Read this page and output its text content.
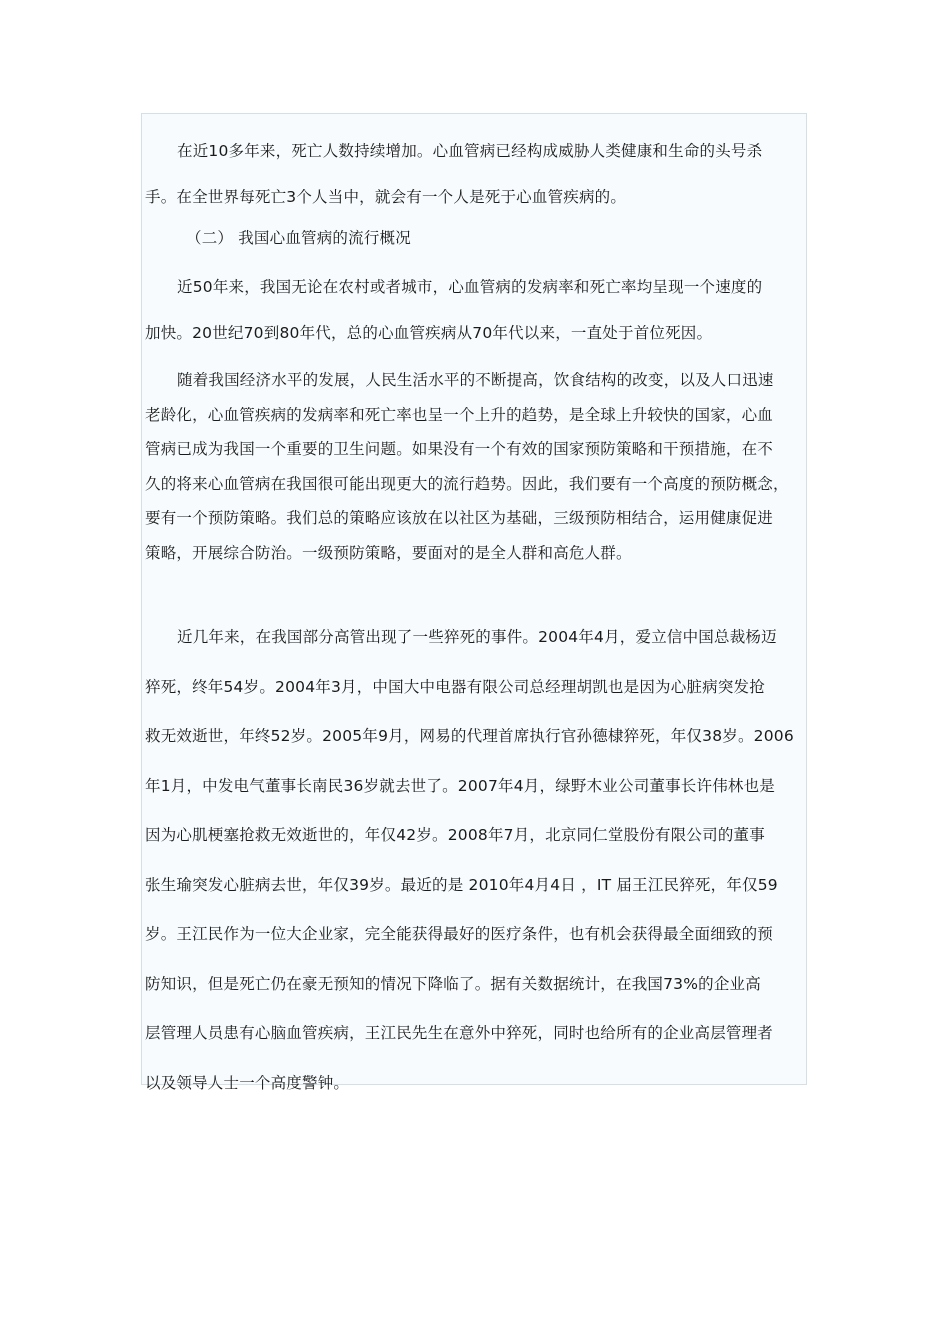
在近10多年来，死亡人数持续增加。心血管病已经构成威胁人类健康和生命的头号杀
手。在全世界每死亡3个人当中，就会有一个人是死于心血管疾病的。
（二） 我国心血管病的流行概况
近50年来，我国无论在农村或者城市，心血管病的发病率和死亡率均呈现一个速度的
加快。20世纪70到80年代，总的心血管疾病从70年代以来，一直处于首位死因。
随着我国经济水平的发展，人民生活水平的不断提高，饮食结构的改变，以及人口迅速
老龄化，心血管疾病的发病率和死亡率也呈一个上升的趋势，是全球上升较快的国家，心血
管病已成为我国一个重要的卫生问题。如果没有一个有效的国家预防策略和干预措施，在不
久的将来心血管病在我国很可能出现更大的流行趋势。因此，我们要有一个高度的预防概念，
要有一个预防策略。我们总的策略应该放在以社区为基础，三级预防相结合，运用健康促进
策略，开展综合防治。一级预防策略，要面对的是全人群和高危人群。
近几年来，在我国部分高管出现了一些猝死的事件。2004年4月，爱立信中国总裁杨迈
猝死，终年54岁。2004年3月，中国大中电器有限公司总经理胡凯也是因为心脏病突发抢
救无效逝世，年终52岁。2005年9月，网易的代理首席执行官孙德棣猝死，年仅38岁。2006
年1月，中发电气董事长南民36岁就去世了。2007年4月，绿野木业公司董事长许伟林也是
因为心肌梗塞抢救无效逝世的，年仅42岁。2008年7月，北京同仁堂股份有限公司的董事
张生瑜突发心脏病去世，年仅39岁。最近的是 2010年4月4日 ，IT 届王江民猝死，年仅59
岁。王江民作为一位大企业家，完全能获得最好的医疗条件，也有机会获得最全面细致的预
防知识，但是死亡仍在豪无预知的情况下降临了。据有关数据统计，在我国73%的企业高
层管理人员患有心脑血管疾病，王江民先生在意外中猝死，同时也给所有的企业高层管理者
以及领导人士一个高度警钟。
